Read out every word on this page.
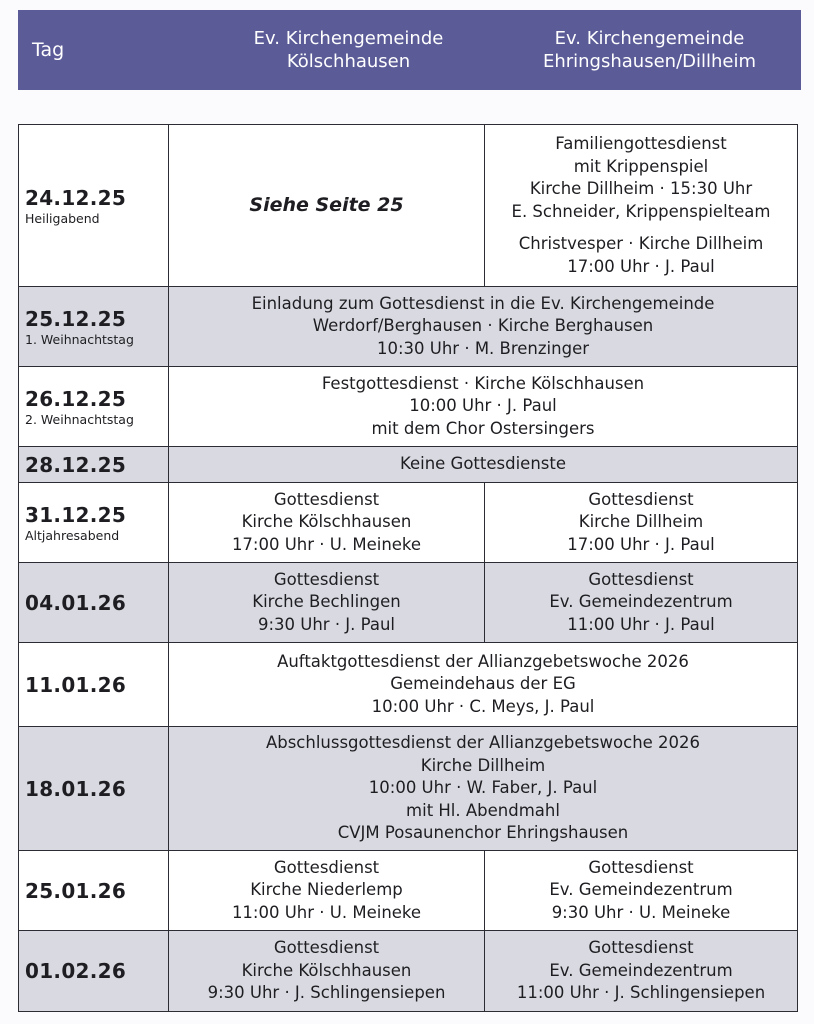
Tag
Ev. Kirchengemeinde
Kölschhausen
Ev. Kirchengemeinde
Ehringshausen/Dillheim
24.12.25
Heiligabend
Siehe Seite 25
Familiengottesdienst
mit Krippenspiel
Kirche Dillheim · 15:30 Uhr
E. Schneider, Krippenspielteam
Christvesper · Kirche Dillheim
17:00 Uhr · J. Paul
25.12.25
1. Weihnachtstag
Einladung zum Gottesdienst in die Ev. Kirchengemeinde
Werdorf/Berghausen · Kirche Berghausen
10:30 Uhr · M. Brenzinger
26.12.25
2. Weihnachtstag
Festgottesdienst · Kirche Kölschhausen
10:00 Uhr · J. Paul
mit dem Chor Ostersingers
28.12.25	Keine Gottesdienste
31.12.25
Altjahresabend
Gottesdienst
Kirche Kölschhausen
17:00 Uhr · U. Meineke
Gottesdienst
Kirche Dillheim
17:00 Uhr · J. Paul
04.01.26
Gottesdienst
Kirche Bechlingen
9:30 Uhr · J. Paul
Gottesdienst
Ev. Gemeindezentrum
11:00 Uhr · J. Paul
11.01.26
Auftaktgottesdienst der Allianzgebetswoche 2026
Gemeindehaus der EG
10:00 Uhr · C. Meys, J. Paul
18.01.26
Abschlussgottesdienst der Allianzgebetswoche 2026
Kirche Dillheim
10:00 Uhr · W. Faber, J. Paul
mit Hl. Abendmahl
CVJM Posaunenchor Ehringshausen
25.01.26
Gottesdienst
Kirche Niederlemp
11:00 Uhr · U. Meineke
Gottesdienst
Ev. Gemeindezentrum
9:30 Uhr · U. Meineke
01.02.26
Gottesdienst
Kirche Kölschhausen
9:30 Uhr · J. Schlingensiepen
Gottesdienst
Ev. Gemeindezentrum
11:00 Uhr · J. Schlingensiepen
